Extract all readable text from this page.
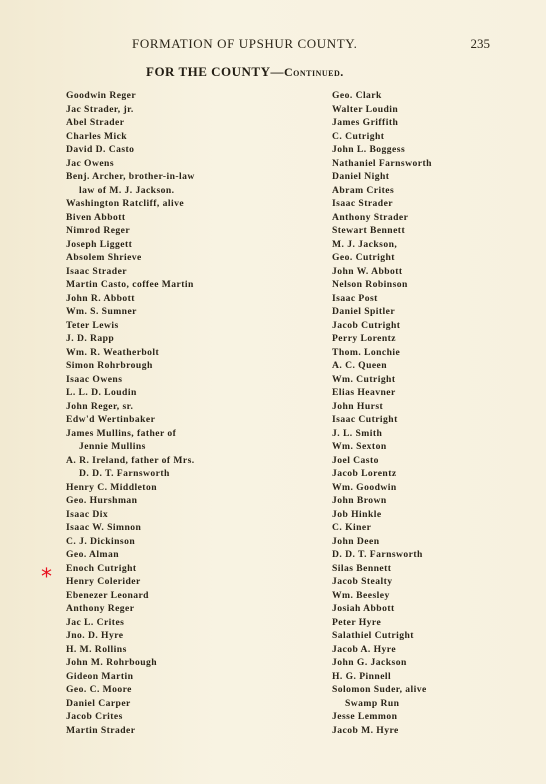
FORMATION OF UPSHUR COUNTY.	235
FOR THE COUNTY—Continued.
Goodwin Reger
Jac Strader, jr.
Abel Strader
Charles Mick
David D. Casto
Jac Owens
Benj. Archer, brother-in-law
law of M. J. Jackson.
Washington Ratcliff, alive
Biven Abbott
Nimrod Reger
Joseph Liggett
Absolem Shrieve
Isaac Strader
Martin Casto, coffee Martin
John R. Abbott
Wm. S. Sumner
Teter Lewis
J. D. Rapp
Wm. R. Weatherbolt
Simon Rohrbrough
Isaac Owens
L. L. D. Loudin
John Reger, sr.
Edw'd Wertinbaker
James Mullins, father of
Jennie Mullins
A. R. Ireland, father of Mrs.
D. D. T. Farnsworth
Henry C. Middleton
Geo. Hurshman
Isaac Dix
Isaac W. Simnon
C. J. Dickinson
Geo. Alman
Enoch Cutright
Henry Colerider
Ebenezer Leonard
Anthony Reger
Jac L. Crites
Jno. D. Hyre
H. M. Rollins
John M. Rohrbough
Gideon Martin
Geo. C. Moore
Daniel Carper
Jacob Crites
Martin Strader
Geo. Clark
Walter Loudin
James Griffith
C. Cutright
John L. Boggess
Nathaniel Farnsworth
Daniel Night
Abram Crites
Isaac Strader
Anthony Strader
Stewart Bennett
M. J. Jackson,
Geo. Cutright
John W. Abbott
Nelson Robinson
Isaac Post
Daniel Spitler
Jacob Cutright
Perry Lorentz
Thom. Lonchie
A. C. Queen
Wm. Cutright
Elias Heavner
John Hurst
Isaac Cutright
J. L. Smith
Wm. Sexton
Joel Casto
Jacob Lorentz
Wm. Goodwin
John Brown
Job Hinkle
C. Kiner
John Deen
D. D. T. Farnsworth
Silas Bennett
Jacob Stealty
Wm. Beesley
Josiah Abbott
Peter Hyre
Salathiel Cutright
Jacob A. Hyre
John G. Jackson
H. G. Pinnell
Solomon Suder, alive
Swamp Run
Jesse Lemmon
Jacob M. Hyre
*
